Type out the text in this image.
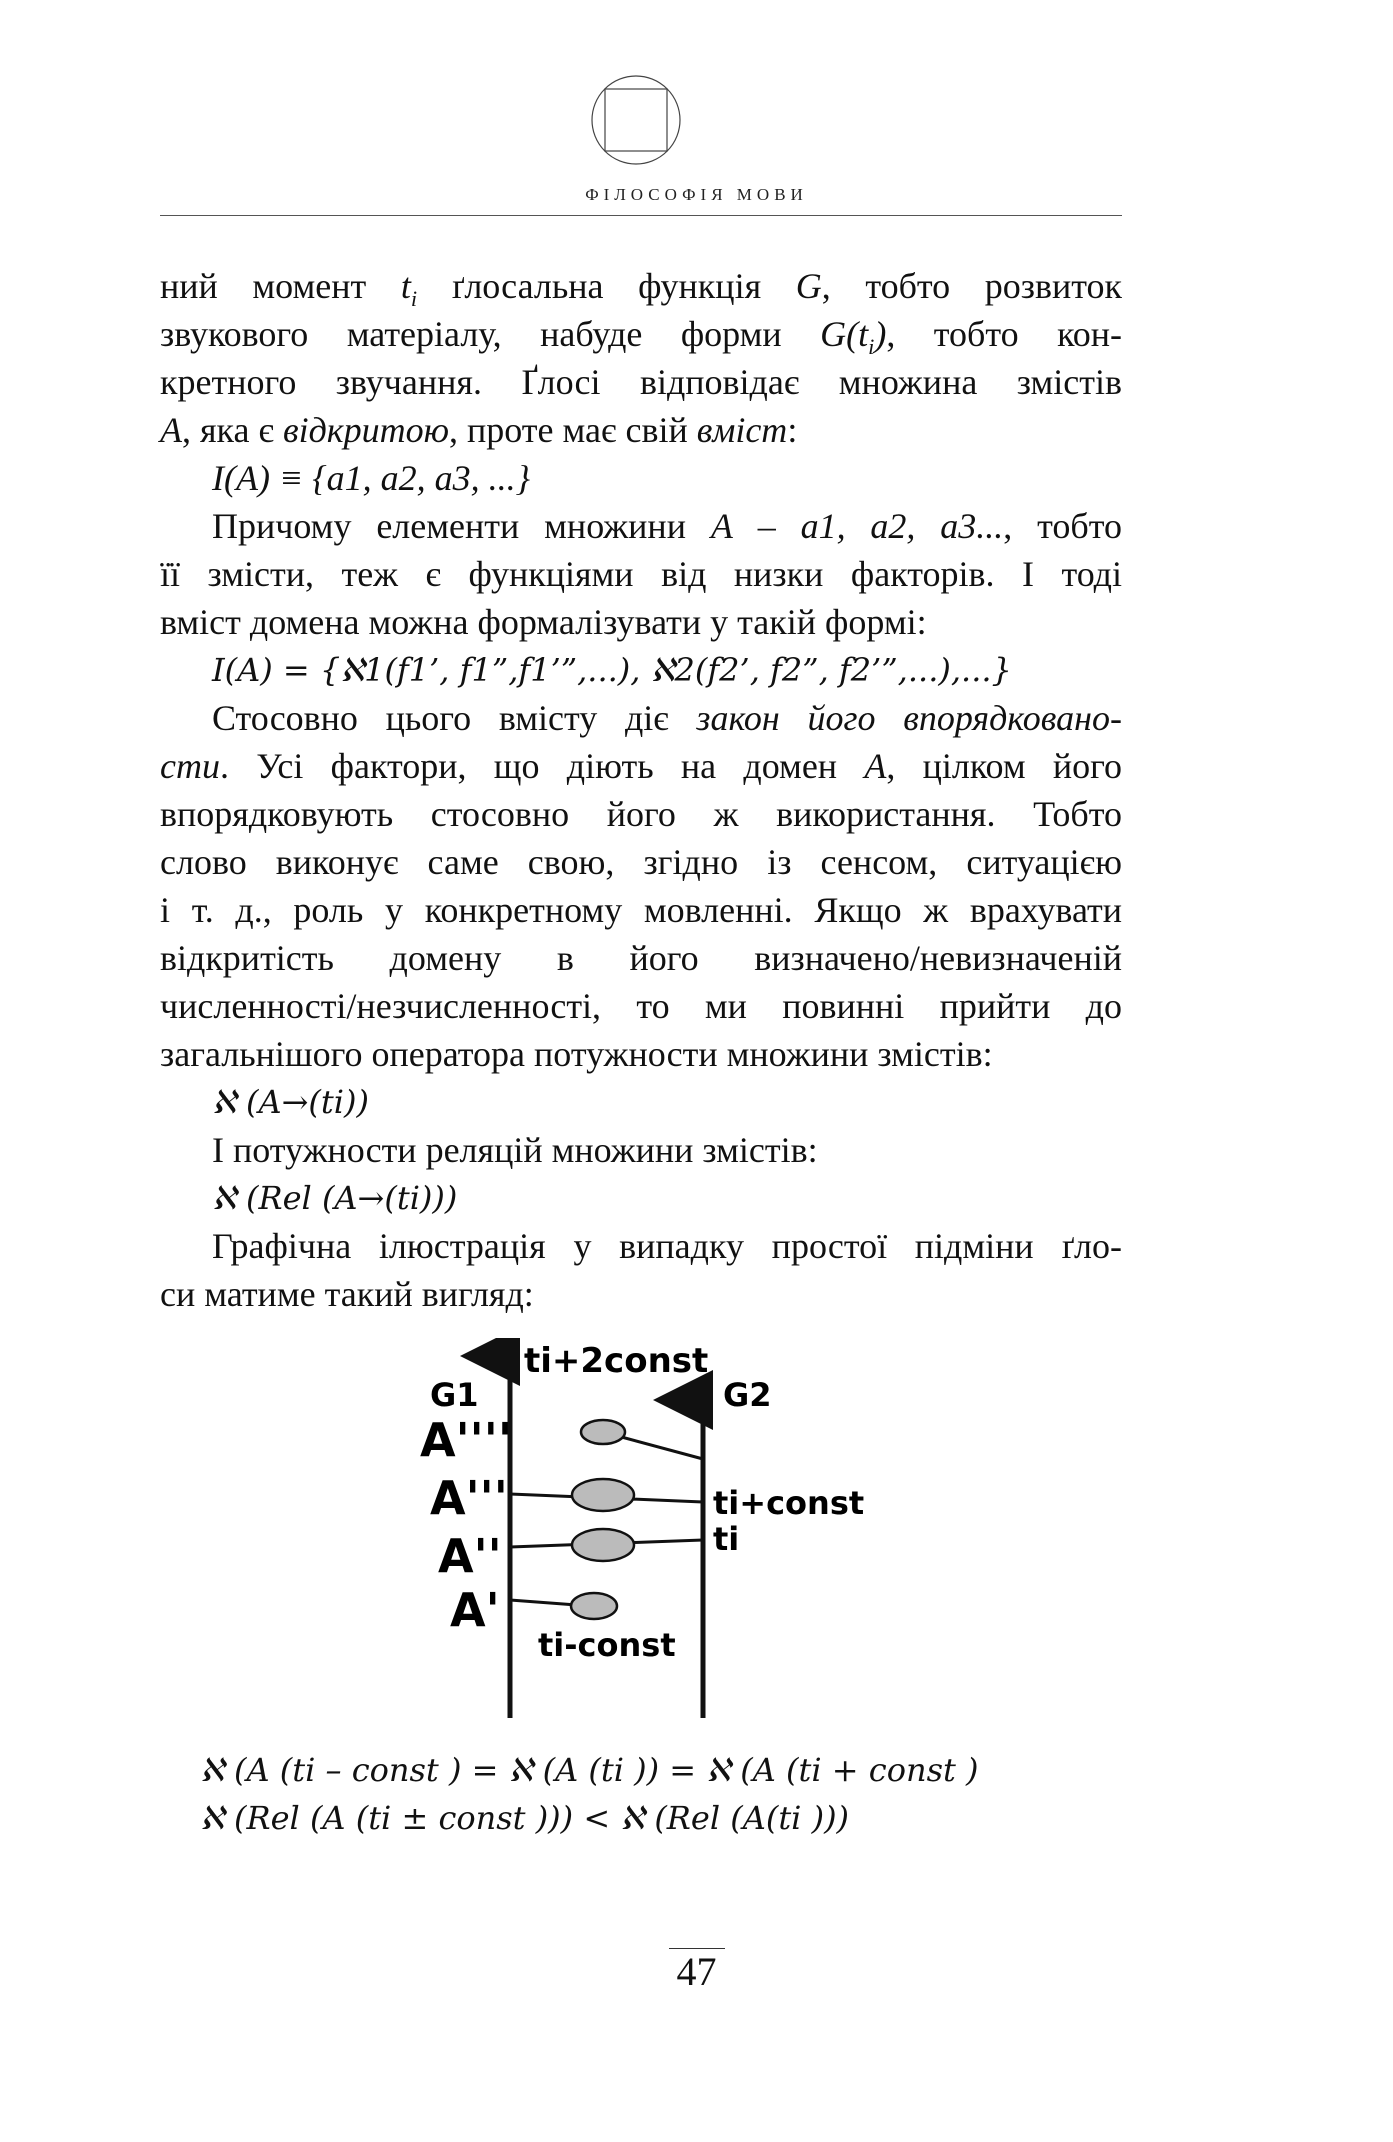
ФІЛОСОФІЯ МОВИ
ний момент $t_i$ ґлосальна функція G, тобто розвиток
звукового матеріалу, набуде форми $G(t_i)$, тобто кон-
кретного звучання. Ґлосі відповідає множина змістів
A, яка є відкритою, проте має свій вміст:
I(A) ≡ {a1, a2, a3, ...}
Причому елементи множини A – a1, a2, a3..., тобто
її змісти, теж є функціями від низки факторів. І тоді
вміст домена можна формалізувати у такій формі:
I(A) = {ℵ1(f1’, f1”,f1’”,...), ℵ2(f2’, f2”, f2’”,...),...}
Стосовно цього вмісту діє закон його впорядковано-
сти. Усі фактори, що діють на домен A, цілком його
впорядковують стосовно його ж використання. Тобто
слово виконує саме свою, згідно із сенсом, ситуацією
і т. д., роль у конкретному мовленні. Якщо ж врахувати
відкритість домену в його визначено/невизначеній
численності/незчисленності, то ми повинні прийти до
загальнішого оператора потужности множини змістів:
ℵ (A→(ti))
І потужности реляцій множини змістів:
ℵ (Rel (A→(ti)))
Графічна ілюстрація у випадку простої підміни ґло-
си матиме такий вигляд:
G1	G2
ti+2const
ti+const
ti
ti-const
A''''
A'''
A''
A'
ℵ (A (ti – const ) = ℵ (A (ti )) = ℵ (A (ti + const )
ℵ (Rel (A (ti ± const ))) < ℵ (Rel (A(ti )))
47
